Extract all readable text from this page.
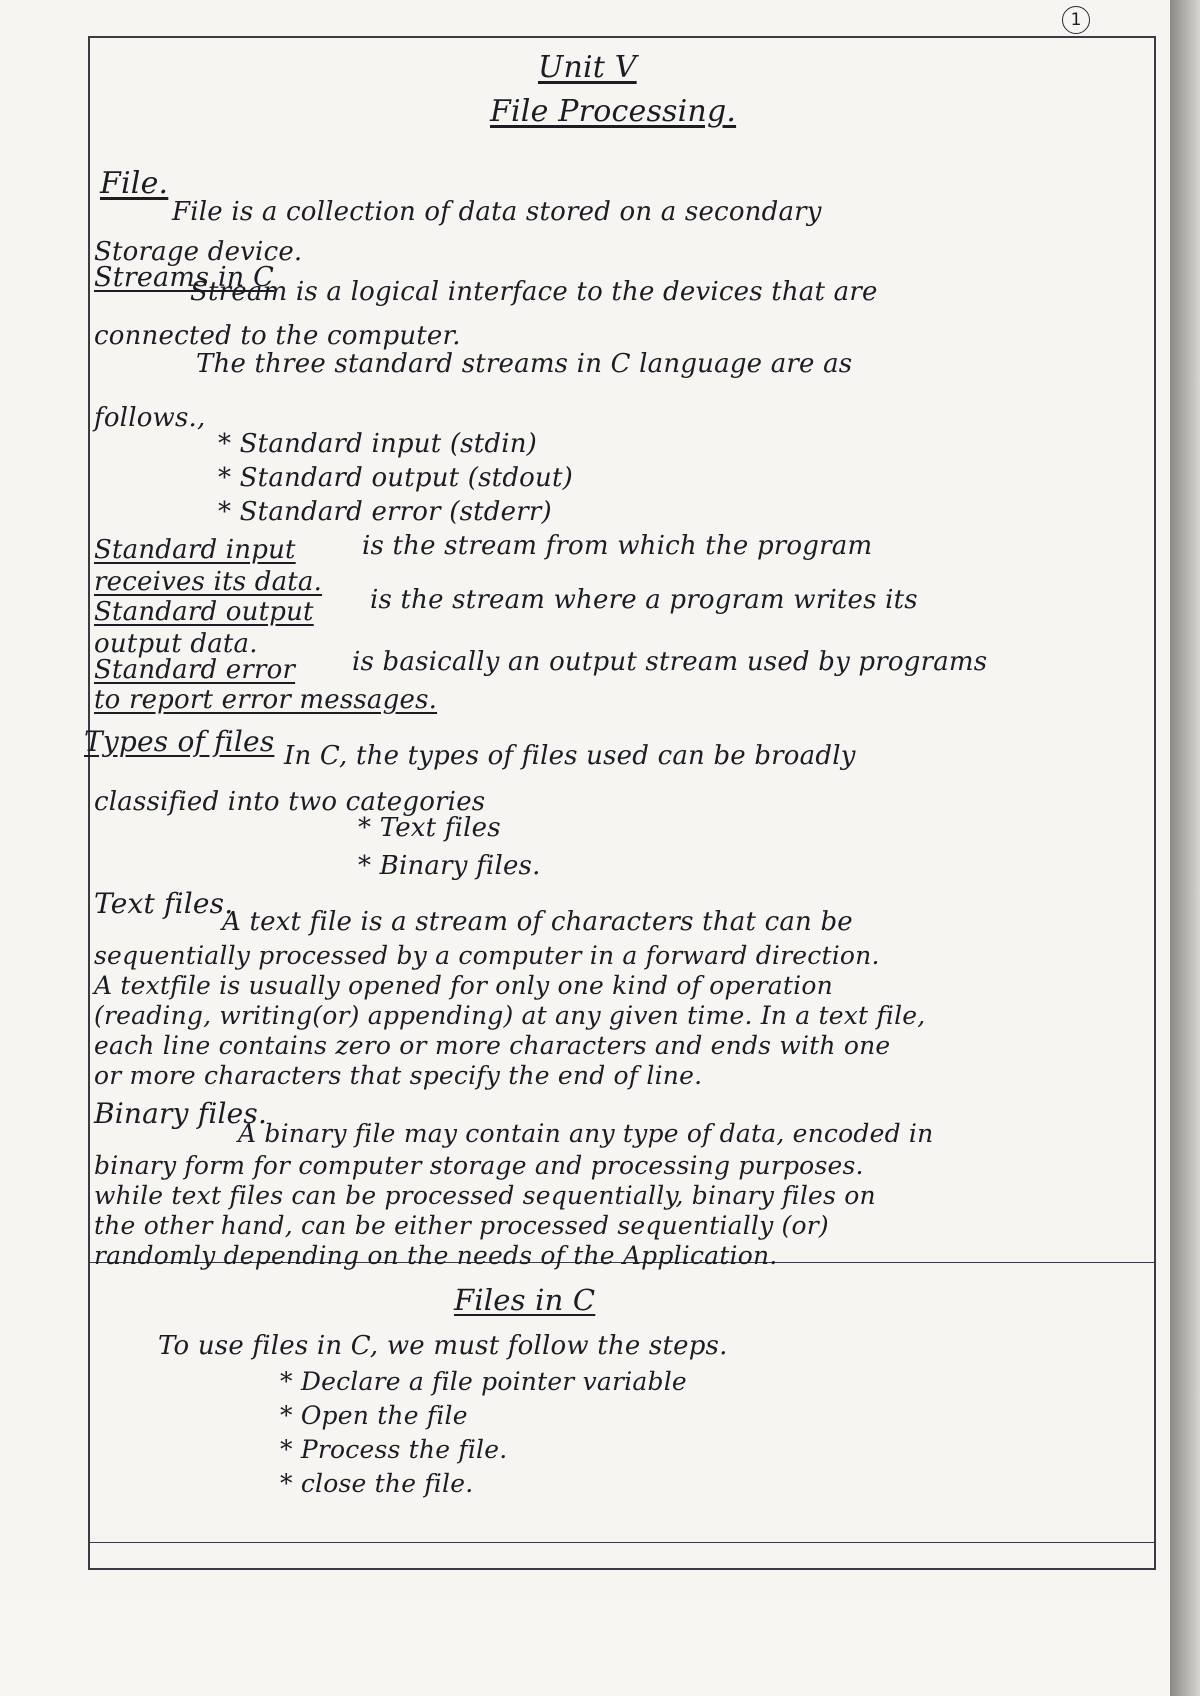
1
Unit V
File Processing.
File.
File is a collection of data stored on a secondary
Storage device.
Streams in C
Stream is a logical interface to the devices that are
connected to the computer.
The three standard streams in C language are as
follows.,
* Standard input (stdin)
* Standard output (stdout)
* Standard error (stderr)
Standard input	is the stream from which the program
receives its data.
Standard output is the stream where a program writes its
output data.
Standard error is basically an output stream used by programs
to report error messages.
Types of files In C, the types of files used can be broadly
classified into two categories
* Text files
* Binary files.
Text files.
A text file is a stream of characters that can be
sequentially processed by a computer in a forward direction.
A textfile is usually opened for only one kind of operation
(reading, writing(or) appending) at any given time. In a text file,
each line contains zero or more characters and ends with one
or more characters that specify the end of line.
Binary files.
A binary file may contain any type of data, encoded in
binary form for computer storage and processing purposes.
while text files can be processed sequentially, binary files on
the other hand, can be either processed sequentially (or)
randomly depending on the needs of the Application.
Files in C
To use files in C, we must follow the steps.
* Declare a file pointer variable
* Open the file
* Process the file.
* close the file.
